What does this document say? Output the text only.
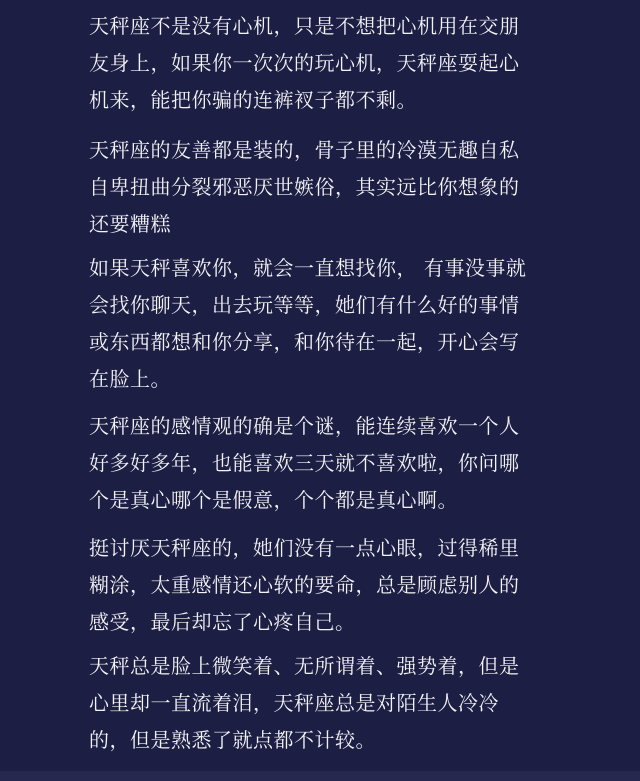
天秤座不是没有心机，只是不想把心机用在交朋
友身上，如果你一次次的玩心机，天秤座耍起心
机来，能把你骗的连裤衩子都不剩。

天秤座的友善都是装的，骨子里的冷漠无趣自私
自卑扭曲分裂邪恶厌世嫉俗，其实远比你想象的
还要糟糕

如果天秤喜欢你，就会一直想找你， 有事没事就
会找你聊天，出去玩等等，她们有什么好的事情
或东西都想和你分享，和你待在一起，开心会写
在脸上。

天秤座的感情观的确是个谜，能连续喜欢一个人
好多好多年，也能喜欢三天就不喜欢啦，你问哪
个是真心哪个是假意，个个都是真心啊。

挺讨厌天秤座的，她们没有一点心眼，过得稀里
糊涂，太重感情还心软的要命，总是顾虑别人的
感受，最后却忘了心疼自己。

天秤总是脸上微笑着、无所谓着、强势着，但是
心里却一直流着泪，天秤座总是对陌生人冷冷
的，但是熟悉了就点都不计较。
